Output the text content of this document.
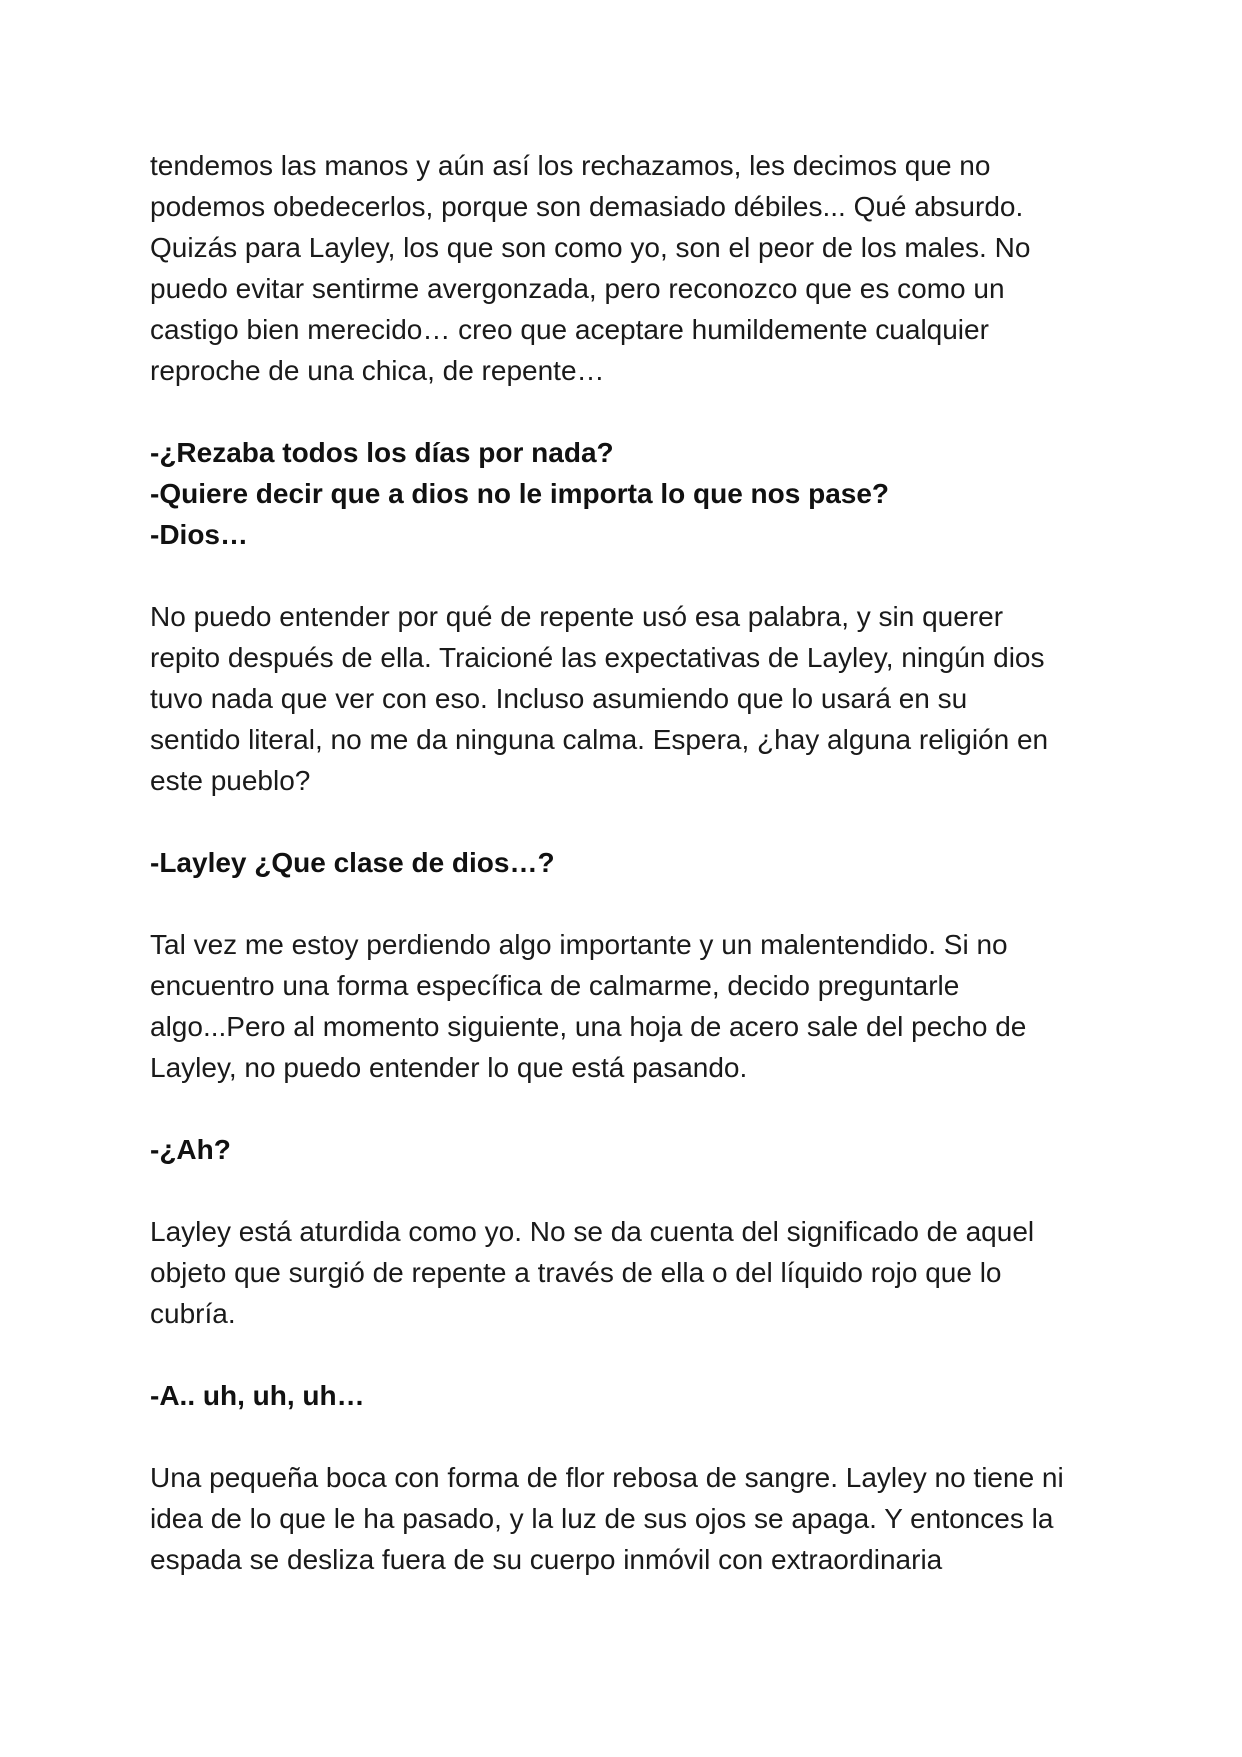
tendemos las manos y aún así los rechazamos, les decimos que no
podemos obedecerlos, porque son demasiado débiles... Qué absurdo.
Quizás para Layley, los que son como yo, son el peor de los males. No
puedo evitar sentirme avergonzada, pero reconozco que es como un
castigo bien merecido… creo que aceptare humildemente cualquier
reproche de una chica, de repente…
-¿Rezaba todos los días por nada?
-Quiere decir que a dios no le importa lo que nos pase?
-Dios…
No puedo entender por qué de repente usó esa palabra, y sin querer
repito después de ella. Traicioné las expectativas de Layley, ningún dios
tuvo nada que ver con eso. Incluso asumiendo que lo usará en su
sentido literal, no me da ninguna calma. Espera, ¿hay alguna religión en
este pueblo?
-Layley ¿Que clase de dios…?
Tal vez me estoy perdiendo algo importante y un malentendido. Si no
encuentro una forma específica de calmarme, decido preguntarle
algo...Pero al momento siguiente, una hoja de acero sale del pecho de
Layley, no puedo entender lo que está pasando.
-¿Ah?
Layley está aturdida como yo. No se da cuenta del significado de aquel
objeto que surgió de repente a través de ella o del líquido rojo que lo
cubría.
-A.. uh, uh, uh…
Una pequeña boca con forma de flor rebosa de sangre. Layley no tiene ni
idea de lo que le ha pasado, y la luz de sus ojos se apaga. Y entonces la
espada se desliza fuera de su cuerpo inmóvil con extraordinaria
